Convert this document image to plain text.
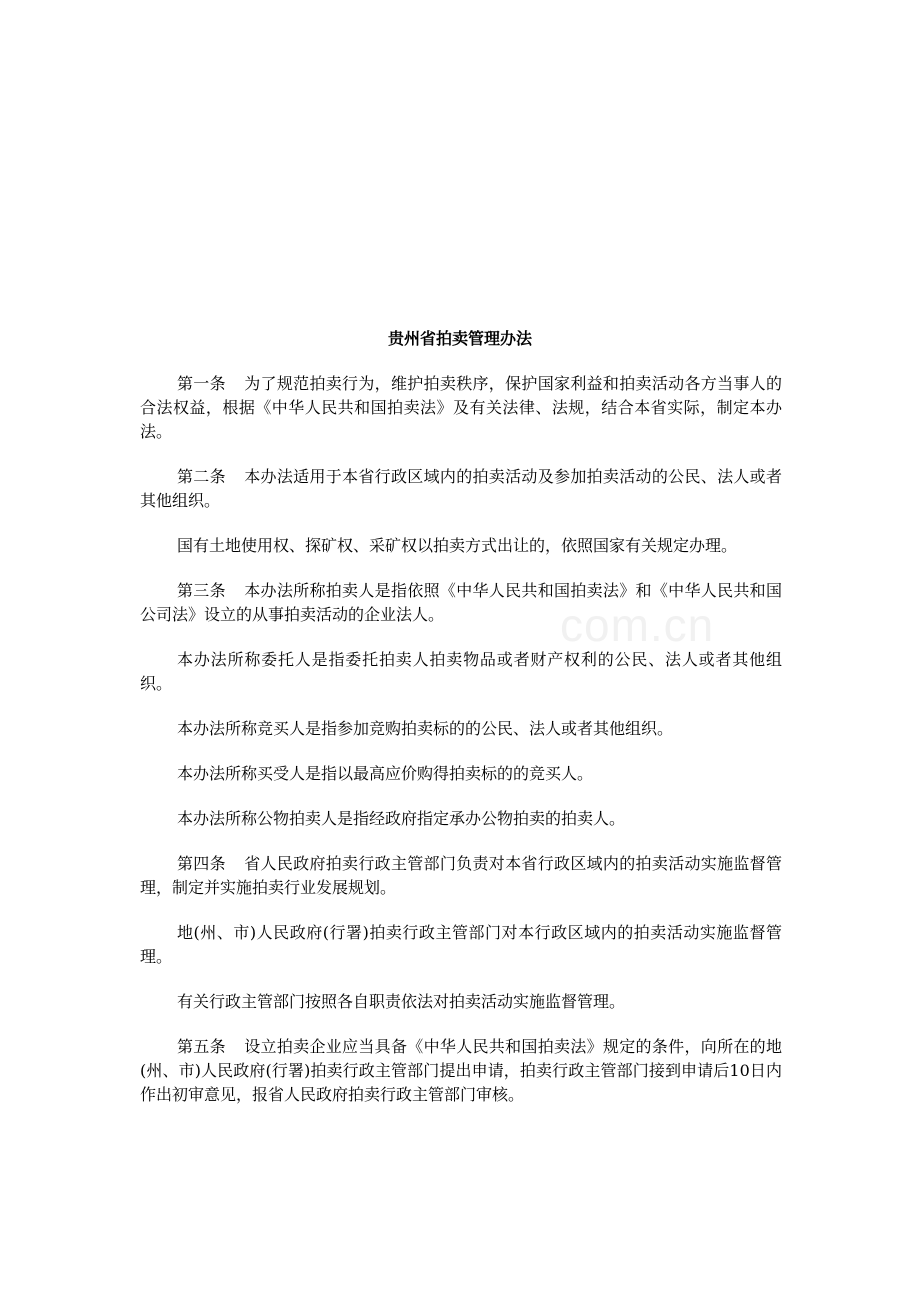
com.cn
贵州省拍卖管理办法

第一条 为了规范拍卖行为，维护拍卖秩序，保护国家利益和拍卖活动各方当事人的合法权益，根据《中华人民共和国拍卖法》及有关法律、法规，结合本省实际，制定本办法。

第二条 本办法适用于本省行政区域内的拍卖活动及参加拍卖活动的公民、法人或者其他组织。

国有土地使用权、探矿权、采矿权以拍卖方式出让的，依照国家有关规定办理。

第三条 本办法所称拍卖人是指依照《中华人民共和国拍卖法》和《中华人民共和国公司法》设立的从事拍卖活动的企业法人。

本办法所称委托人是指委托拍卖人拍卖物品或者财产权利的公民、法人或者其他组织。

本办法所称竞买人是指参加竞购拍卖标的的公民、法人或者其他组织。

本办法所称买受人是指以最高应价购得拍卖标的的竞买人。

本办法所称公物拍卖人是指经政府指定承办公物拍卖的拍卖人。

第四条 省人民政府拍卖行政主管部门负责对本省行政区域内的拍卖活动实施监督管理，制定并实施拍卖行业发展规划。

地(州、市)人民政府(行署)拍卖行政主管部门对本行政区域内的拍卖活动实施监督管理。

有关行政主管部门按照各自职责依法对拍卖活动实施监督管理。

第五条 设立拍卖企业应当具备《中华人民共和国拍卖法》规定的条件，向所在的地(州、市)人民政府(行署)拍卖行政主管部门提出申请，拍卖行政主管部门接到申请后10日内作出初审意见，报省人民政府拍卖行政主管部门审核。
